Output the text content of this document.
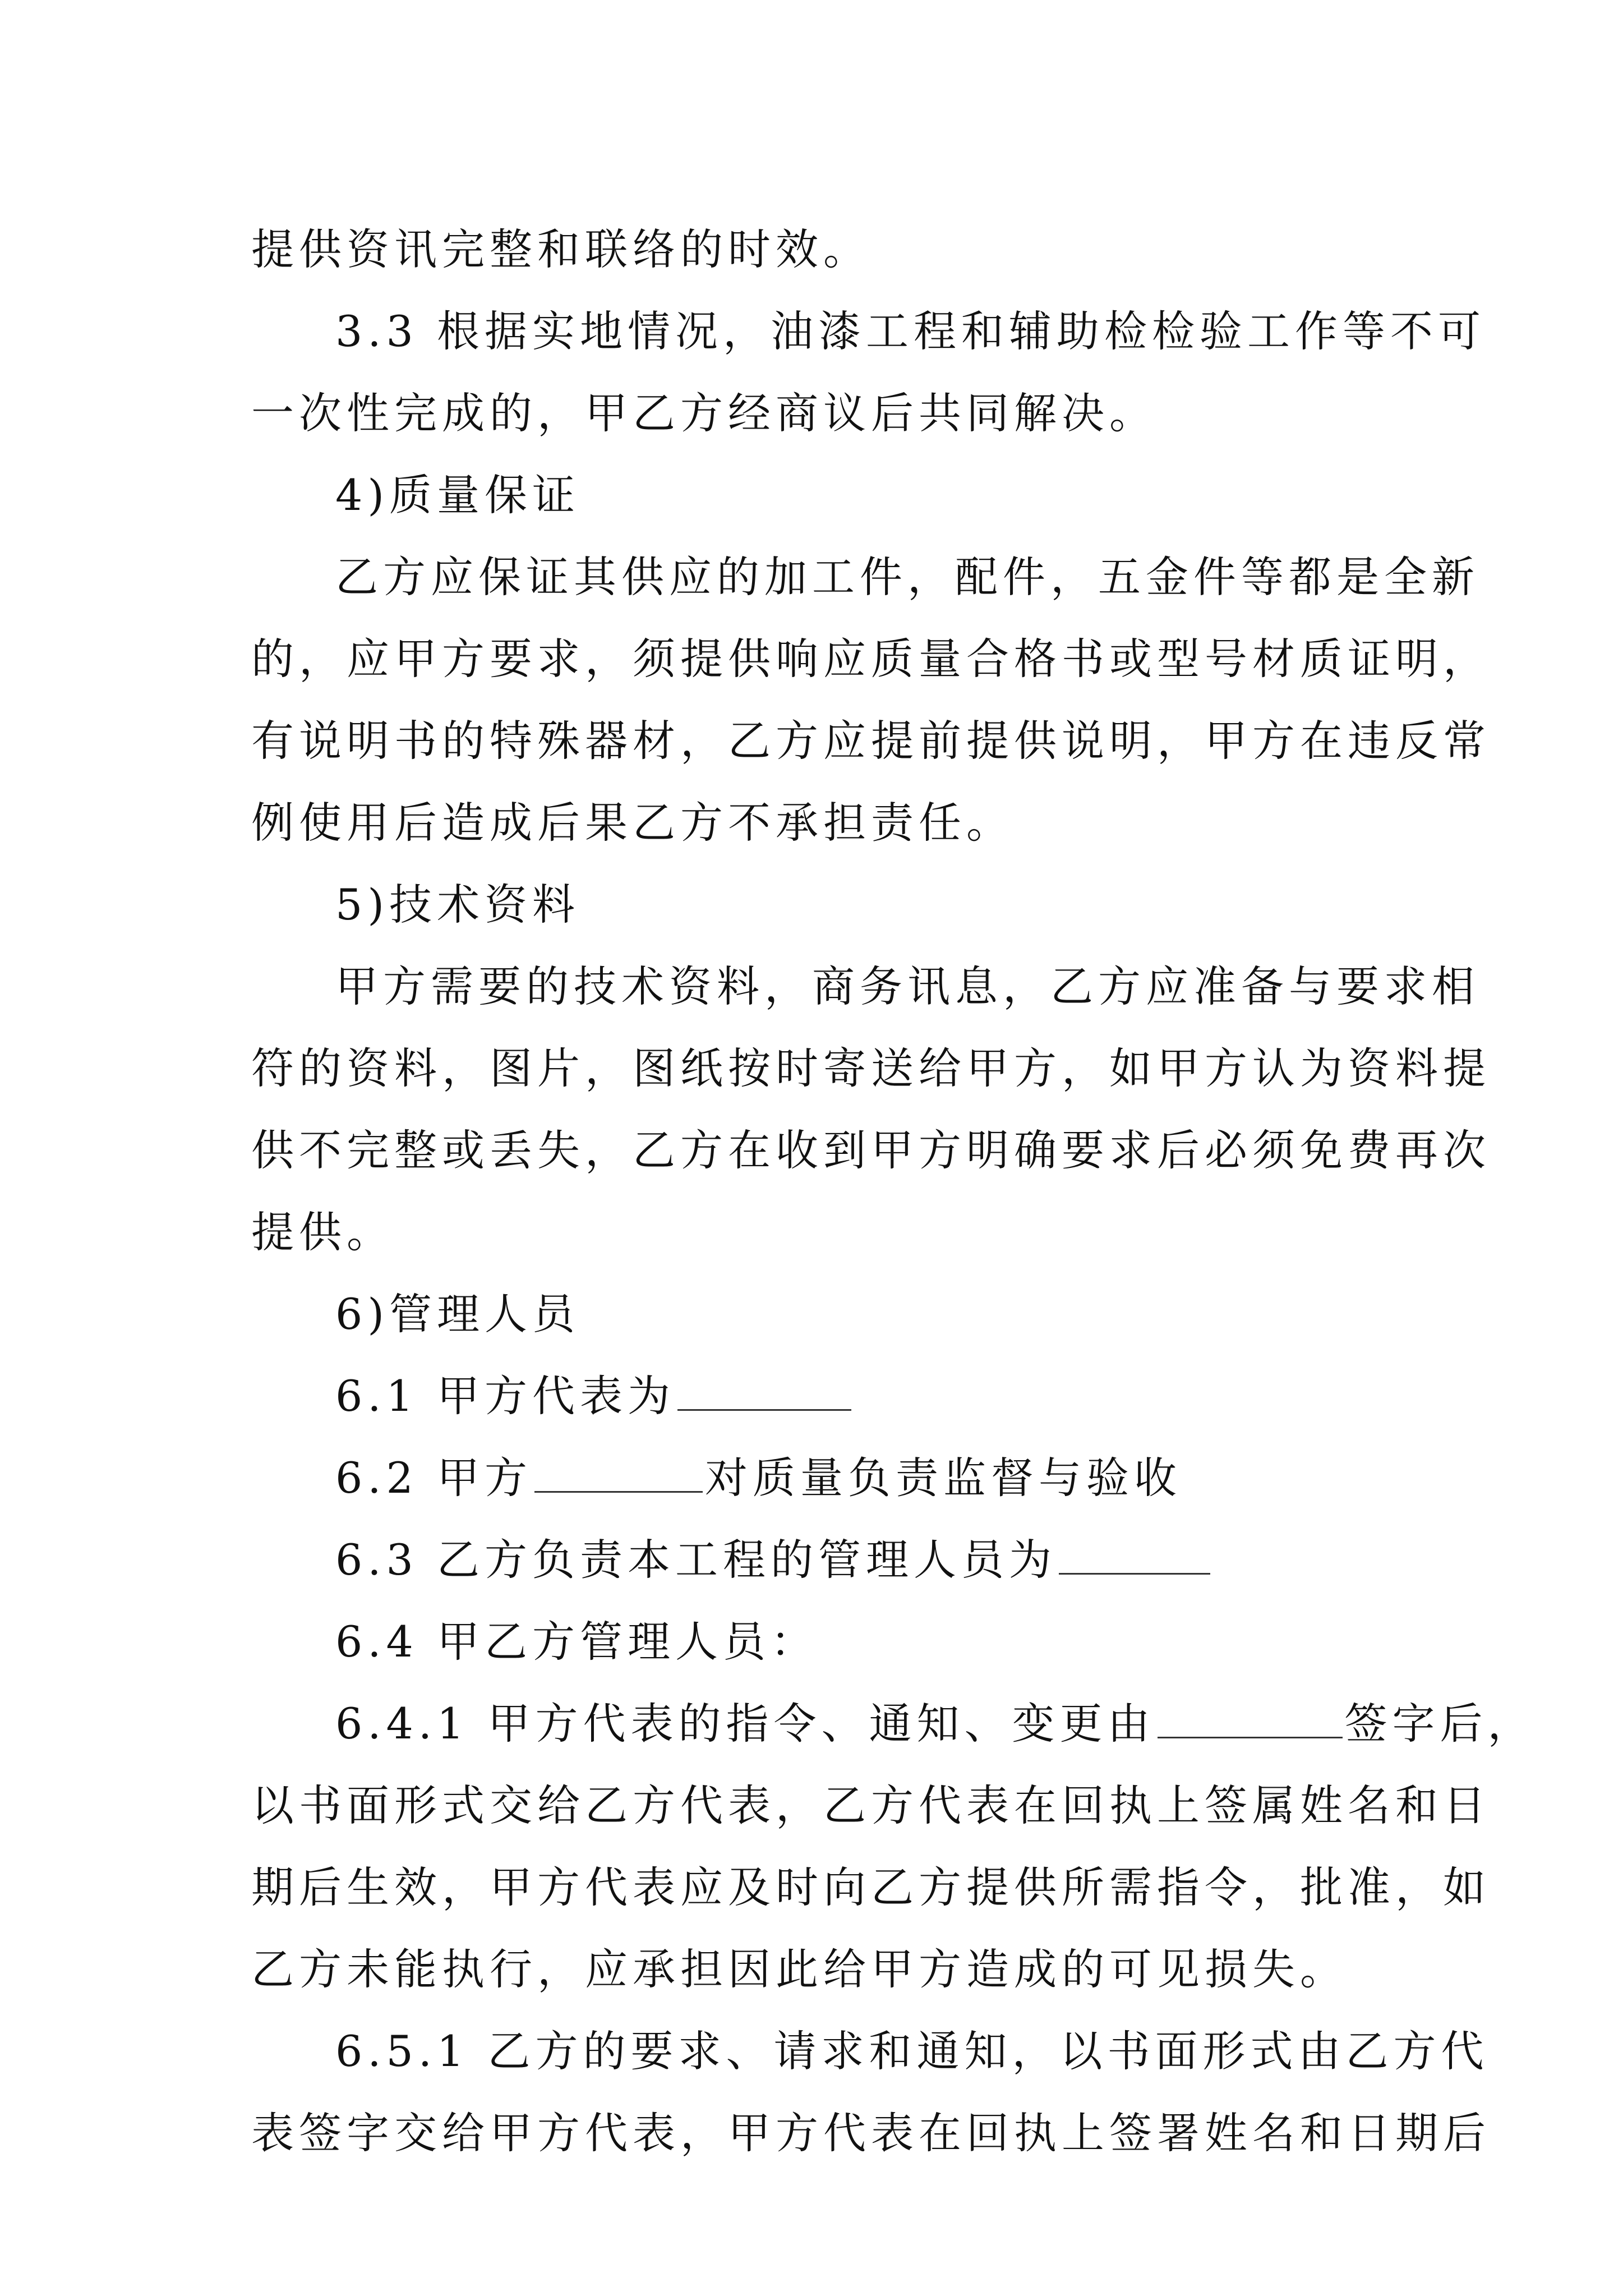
提供资讯完整和联络的时效。
3.3 根据实地情况，油漆工程和辅助检检验工作等不可
一次性完成的，甲乙方经商议后共同解决。
4)质量保证
乙方应保证其供应的加工件，配件，五金件等都是全新
的，应甲方要求，须提供响应质量合格书或型号材质证明，
有说明书的特殊器材，乙方应提前提供说明，甲方在违反常
例使用后造成后果乙方不承担责任。
5)技术资料
甲方需要的技术资料，商务讯息，乙方应准备与要求相
符的资料，图片，图纸按时寄送给甲方，如甲方认为资料提
供不完整或丢失，乙方在收到甲方明确要求后必须免费再次
提供。
6)管理人员
6.1 甲方代表为
6.2 甲方	对质量负责监督与验收
6.3 乙方负责本工程的管理人员为
6.4 甲乙方管理人员：
6.4.1 甲方代表的指令、通知、变更由	签字后，
以书面形式交给乙方代表，乙方代表在回执上签属姓名和日
期后生效，甲方代表应及时向乙方提供所需指令，批准，如
乙方未能执行，应承担因此给甲方造成的可见损失。
6.5.1 乙方的要求、请求和通知，以书面形式由乙方代
表签字交给甲方代表，甲方代表在回执上签署姓名和日期后
